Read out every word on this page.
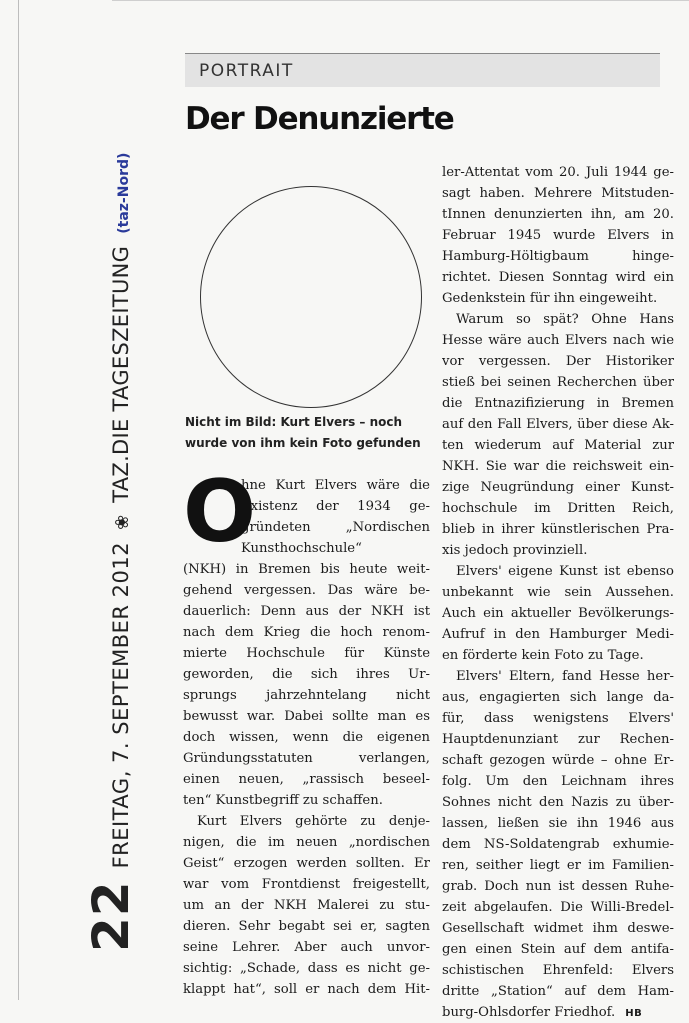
22
FREITAG, 7. SEPTEMBER 2012
❀
TAZ.DIE TAGESZEITUNG
(taz-Nord)
PORTRAIT
Der Denunzierte
Nicht im Bild: Kurt Elvers – noch
wurde von ihm kein Foto gefunden
O
hne Kurt Elvers wäre die
Existenz der 1934 ge-
gründeten „Nordischen
Kunsthochschule“
(NKH) in Bremen bis heute weit-
gehend vergessen. Das wäre be-
dauerlich: Denn aus der NKH ist
nach dem Krieg die hoch renom-
mierte Hochschule für Künste
geworden, die sich ihres Ur-
sprungs jahrzehntelang nicht
bewusst war. Dabei sollte man es
doch wissen, wenn die eigenen
Gründungsstatuten verlangen,
einen neuen, „rassisch beseel-
ten“ Kunstbegriff zu schaffen.
Kurt Elvers gehörte zu denje-
nigen, die im neuen „nordischen
Geist“ erzogen werden sollten. Er
war vom Frontdienst freigestellt,
um an der NKH Malerei zu stu-
dieren. Sehr begabt sei er, sagten
seine Lehrer. Aber auch unvor-
sichtig: „Schade, dass es nicht ge-
klappt hat“, soll er nach dem Hit-
ler-Attentat vom 20. Juli 1944 ge-
sagt haben. Mehrere Mitstuden-
tInnen denunzierten ihn, am 20.
Februar 1945 wurde Elvers in
Hamburg-Höltigbaum hinge-
richtet. Diesen Sonntag wird ein
Gedenkstein für ihn eingeweiht.
Warum so spät? Ohne Hans
Hesse wäre auch Elvers nach wie
vor vergessen. Der Historiker
stieß bei seinen Recherchen über
die Entnazifizierung in Bremen
auf den Fall Elvers, über diese Ak-
ten wiederum auf Material zur
NKH. Sie war die reichsweit ein-
zige Neugründung einer Kunst-
hochschule im Dritten Reich,
blieb in ihrer künstlerischen Pra-
xis jedoch provinziell.
Elvers' eigene Kunst ist ebenso
unbekannt wie sein Aussehen.
Auch ein aktueller Bevölkerungs-
Aufruf in den Hamburger Medi-
en förderte kein Foto zu Tage.
Elvers' Eltern, fand Hesse her-
aus, engagierten sich lange da-
für, dass wenigstens Elvers'
Hauptdenunziant zur Rechen-
schaft gezogen würde – ohne Er-
folg. Um den Leichnam ihres
Sohnes nicht den Nazis zu über-
lassen, ließen sie ihn 1946 aus
dem NS-Soldatengrab exhumie-
ren, seither liegt er im Familien-
grab. Doch nun ist dessen Ruhe-
zeit abgelaufen. Die Willi-Bredel-
Gesellschaft widmet ihm deswe-
gen einen Stein auf dem antifa-
schistischen Ehrenfeld: Elvers
dritte „Station“ auf dem Ham-
burg-Ohlsdorfer Friedhof. HB
